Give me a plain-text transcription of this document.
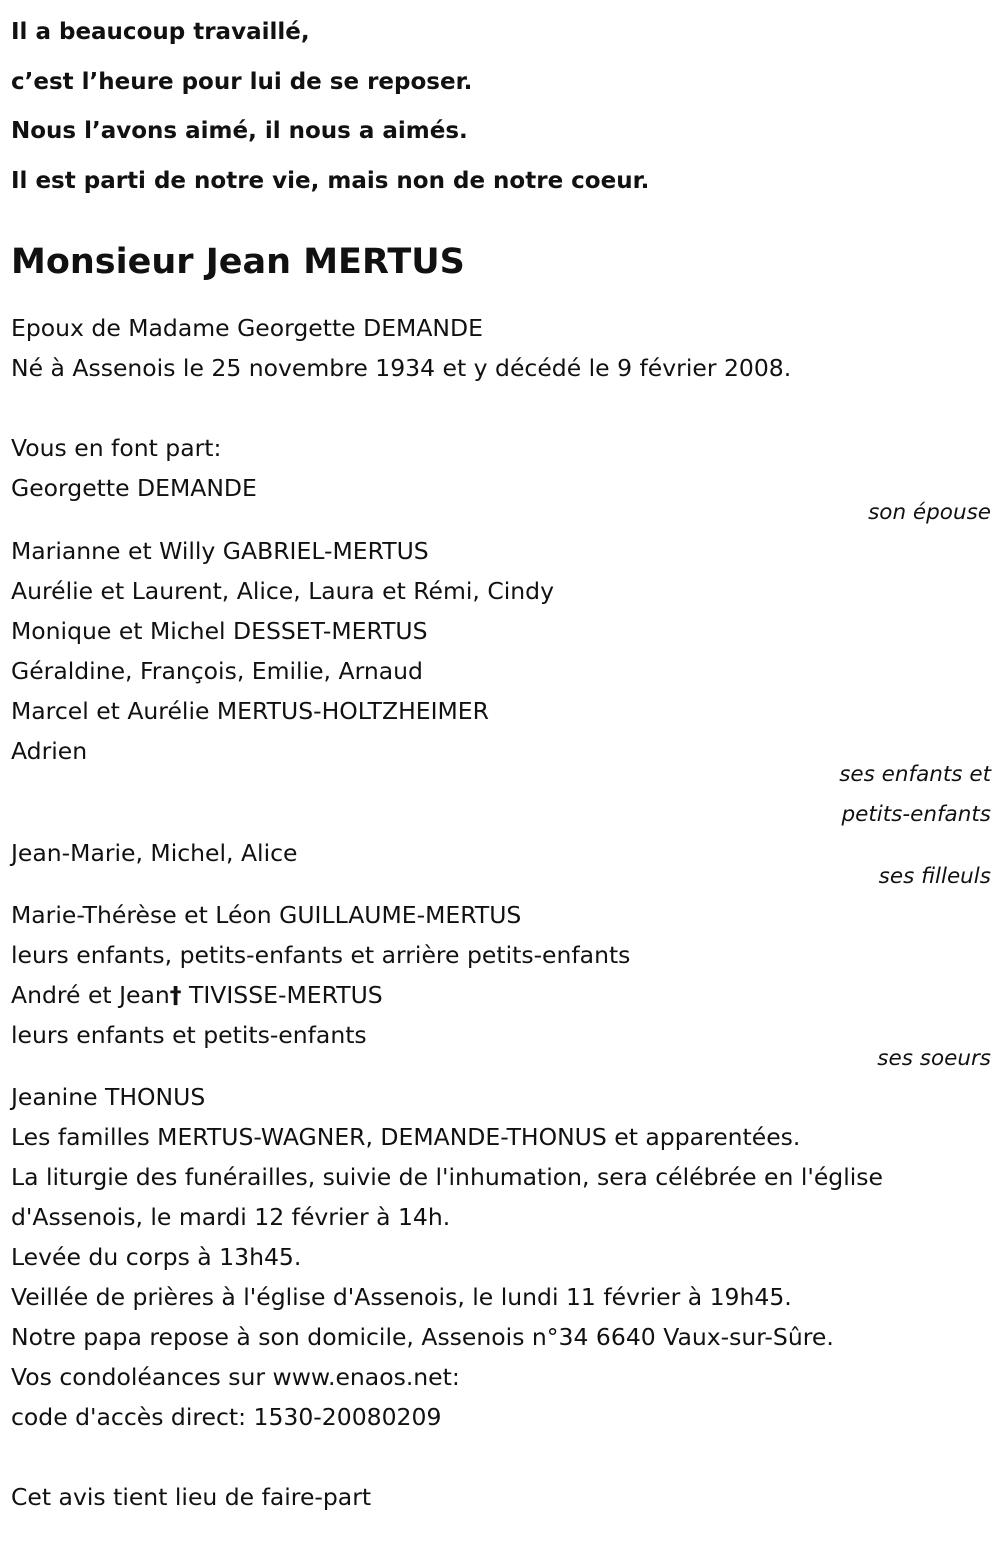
Il a beaucoup travaillé,
c’est l’heure pour lui de se reposer.
Nous l’avons aimé, il nous a aimés.
Il est parti de notre vie, mais non de notre coeur.
Monsieur Jean MERTUS
Epoux de Madame Georgette DEMANDE
Né à Assenois le 25 novembre 1934 et y décédé le 9 février 2008.
Vous en font part:
Georgette DEMANDE
son épouse
Marianne et Willy GABRIEL-MERTUS
Aurélie et Laurent, Alice, Laura et Rémi, Cindy
Monique et Michel DESSET-MERTUS
Géraldine, François, Emilie, Arnaud
Marcel et Aurélie MERTUS-HOLTZHEIMER
Adrien
ses enfants et
petits-enfants
Jean-Marie, Michel, Alice
ses filleuls
Marie-Thérèse et Léon GUILLAUME-MERTUS
leurs enfants, petits-enfants et arrière petits-enfants
André et Jean† TIVISSE-MERTUS
leurs enfants et petits-enfants
ses soeurs
Jeanine THONUS
Les familles MERTUS-WAGNER, DEMANDE-THONUS et apparentées.
La liturgie des funérailles, suivie de l'inhumation, sera célébrée en l'église
d'Assenois, le mardi 12 février à 14h.
Levée du corps à 13h45.
Veillée de prières à l'église d'Assenois, le lundi 11 février à 19h45.
Notre papa repose à son domicile, Assenois n°34 6640 Vaux-sur-Sûre.
Vos condoléances sur www.enaos.net:
code d'accès direct: 1530-20080209
Cet avis tient lieu de faire-part
